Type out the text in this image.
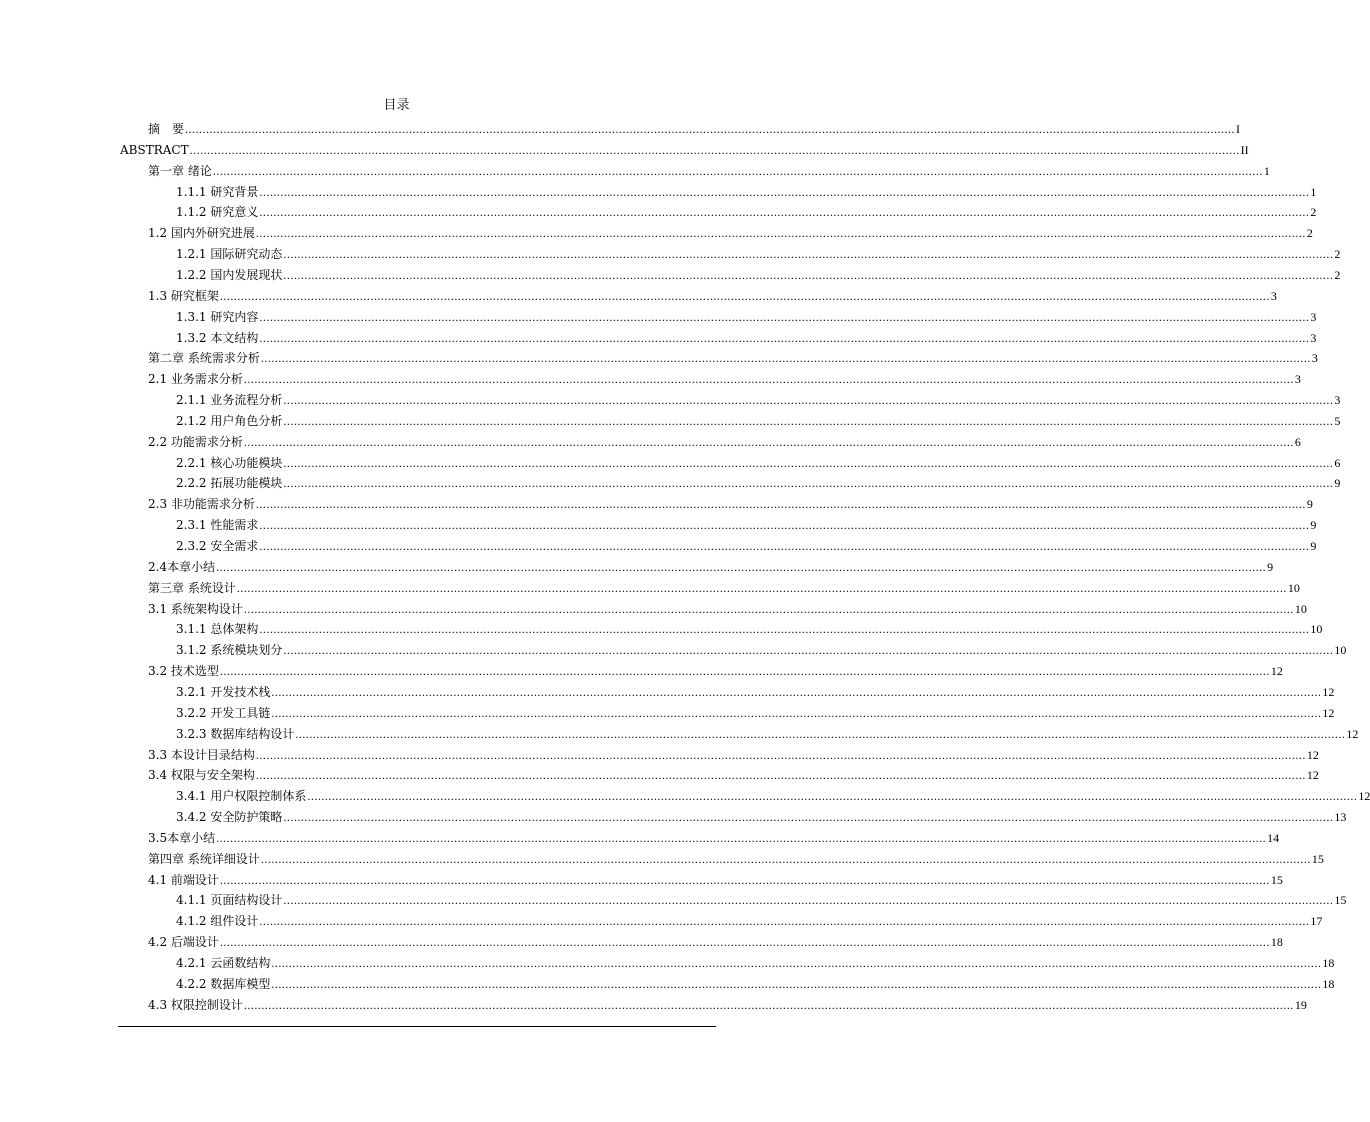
目录
摘　要 ............................................................................................................................................................................................................................................................................................................ I
ABSTRACT ............................................................................................................................................................................................................................................................................................................ II
第一章 绪论 ............................................................................................................................................................................................................................................................................................................ 1
1.1.1 研究背景 ............................................................................................................................................................................................................................................................................................................ 1
1.1.2 研究意义 ............................................................................................................................................................................................................................................................................................................ 2
1.2 国内外研究进展 ............................................................................................................................................................................................................................................................................................................ 2
1.2.1 国际研究动态 ............................................................................................................................................................................................................................................................................................................ 2
1.2.2 国内发展现状 ............................................................................................................................................................................................................................................................................................................ 2
1.3 研究框架 ............................................................................................................................................................................................................................................................................................................ 3
1.3.1 研究内容 ............................................................................................................................................................................................................................................................................................................ 3
1.3.2 本文结构 ............................................................................................................................................................................................................................................................................................................ 3
第二章 系统需求分析 ............................................................................................................................................................................................................................................................................................................ 3
2.1 业务需求分析 ............................................................................................................................................................................................................................................................................................................ 3
2.1.1 业务流程分析 ............................................................................................................................................................................................................................................................................................................ 3
2.1.2 用户角色分析 ............................................................................................................................................................................................................................................................................................................ 5
2.2 功能需求分析 ............................................................................................................................................................................................................................................................................................................ 6
2.2.1 核心功能模块 ............................................................................................................................................................................................................................................................................................................ 6
2.2.2 拓展功能模块 ............................................................................................................................................................................................................................................................................................................ 9
2.3 非功能需求分析 ............................................................................................................................................................................................................................................................................................................ 9
2.3.1 性能需求 ............................................................................................................................................................................................................................................................................................................ 9
2.3.2 安全需求 ............................................................................................................................................................................................................................................................................................................ 9
2.4本章小结 ............................................................................................................................................................................................................................................................................................................ 9
第三章 系统设计 ............................................................................................................................................................................................................................................................................................................ 10
3.1 系统架构设计 ............................................................................................................................................................................................................................................................................................................ 10
3.1.1 总体架构 ............................................................................................................................................................................................................................................................................................................ 10
3.1.2 系统模块划分 ............................................................................................................................................................................................................................................................................................................ 10
3.2 技术选型 ............................................................................................................................................................................................................................................................................................................ 12
3.2.1 开发技术栈 ............................................................................................................................................................................................................................................................................................................ 12
3.2.2 开发工具链 ............................................................................................................................................................................................................................................................................................................ 12
3.2.3 数据库结构设计 ............................................................................................................................................................................................................................................................................................................ 12
3.3 本设计目录结构 ............................................................................................................................................................................................................................................................................................................ 12
3.4 权限与安全架构 ............................................................................................................................................................................................................................................................................................................ 12
3.4.1 用户权限控制体系 ............................................................................................................................................................................................................................................................................................................ 12
3.4.2 安全防护策略 ............................................................................................................................................................................................................................................................................................................ 13
3.5本章小结 ............................................................................................................................................................................................................................................................................................................ 14
第四章 系统详细设计 ............................................................................................................................................................................................................................................................................................................ 15
4.1 前端设计 ............................................................................................................................................................................................................................................................................................................ 15
4.1.1 页面结构设计 ............................................................................................................................................................................................................................................................................................................ 15
4.1.2 组件设计 ............................................................................................................................................................................................................................................................................................................ 17
4.2 后端设计 ............................................................................................................................................................................................................................................................................................................ 18
4.2.1 云函数结构 ............................................................................................................................................................................................................................................................................................................ 18
4.2.2 数据库模型 ............................................................................................................................................................................................................................................................................................................ 18
4.3 权限控制设计 ............................................................................................................................................................................................................................................................................................................ 19
